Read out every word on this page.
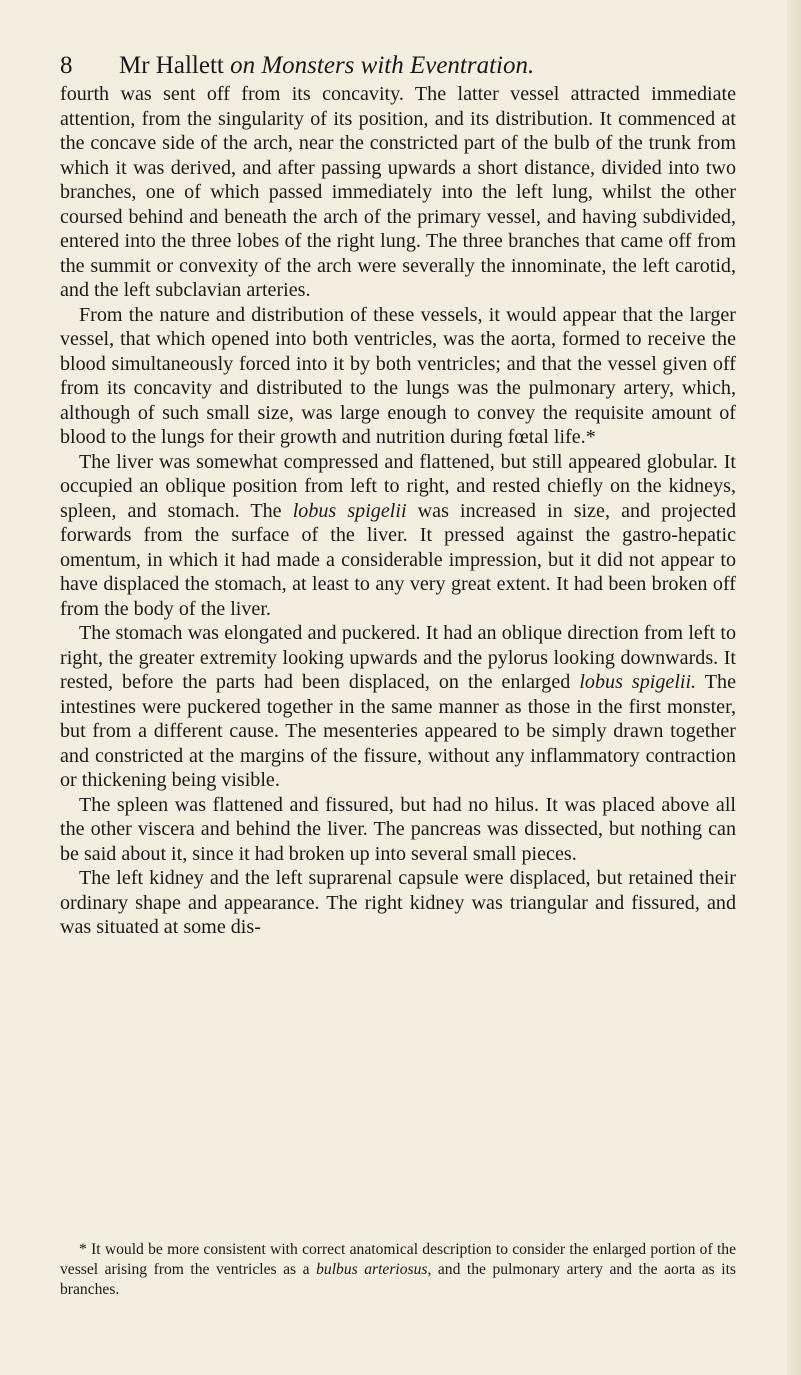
8 Mr Hallett on Monsters with Eventration.

fourth was sent off from its concavity. The latter vessel attracted immediate attention, from the singularity of its position, and its distribution. It commenced at the concave side of the arch, near the constricted part of the bulb of the trunk from which it was derived, and after passing upwards a short distance, divided into two branches, one of which passed immediately into the left lung, whilst the other coursed behind and beneath the arch of the primary vessel, and having subdivided, entered into the three lobes of the right lung. The three branches that came off from the summit or convexity of the arch were severally the innominate, the left carotid, and the left subclavian arteries.

From the nature and distribution of these vessels, it would appear that the larger vessel, that which opened into both ventricles, was the aorta, formed to receive the blood simultaneously forced into it by both ventricles; and that the vessel given off from its concavity and distributed to the lungs was the pulmonary artery, which, although of such small size, was large enough to convey the requisite amount of blood to the lungs for their growth and nutrition during fœtal life.*

The liver was somewhat compressed and flattened, but still appeared globular. It occupied an oblique position from left to right, and rested chiefly on the kidneys, spleen, and stomach. The lobus spigelii was increased in size, and projected forwards from the surface of the liver. It pressed against the gastro-hepatic omentum, in which it had made a considerable impression, but it did not appear to have displaced the stomach, at least to any very great extent. It had been broken off from the body of the liver.

The stomach was elongated and puckered. It had an oblique direction from left to right, the greater extremity looking upwards and the pylorus looking downwards. It rested, before the parts had been displaced, on the enlarged lobus spigelii. The intestines were puckered together in the same manner as those in the first monster, but from a different cause. The mesenteries appeared to be simply drawn together and constricted at the margins of the fissure, without any inflammatory contraction or thickening being visible.

The spleen was flattened and fissured, but had no hilus. It was placed above all the other viscera and behind the liver. The pancreas was dissected, but nothing can be said about it, since it had broken up into several small pieces.

The left kidney and the left suprarenal capsule were displaced, but retained their ordinary shape and appearance. The right kidney was triangular and fissured, and was situated at some dis-

* It would be more consistent with correct anatomical description to consider the enlarged portion of the vessel arising from the ventricles as a bulbus arteriosus, and the pulmonary artery and the aorta as its branches.
